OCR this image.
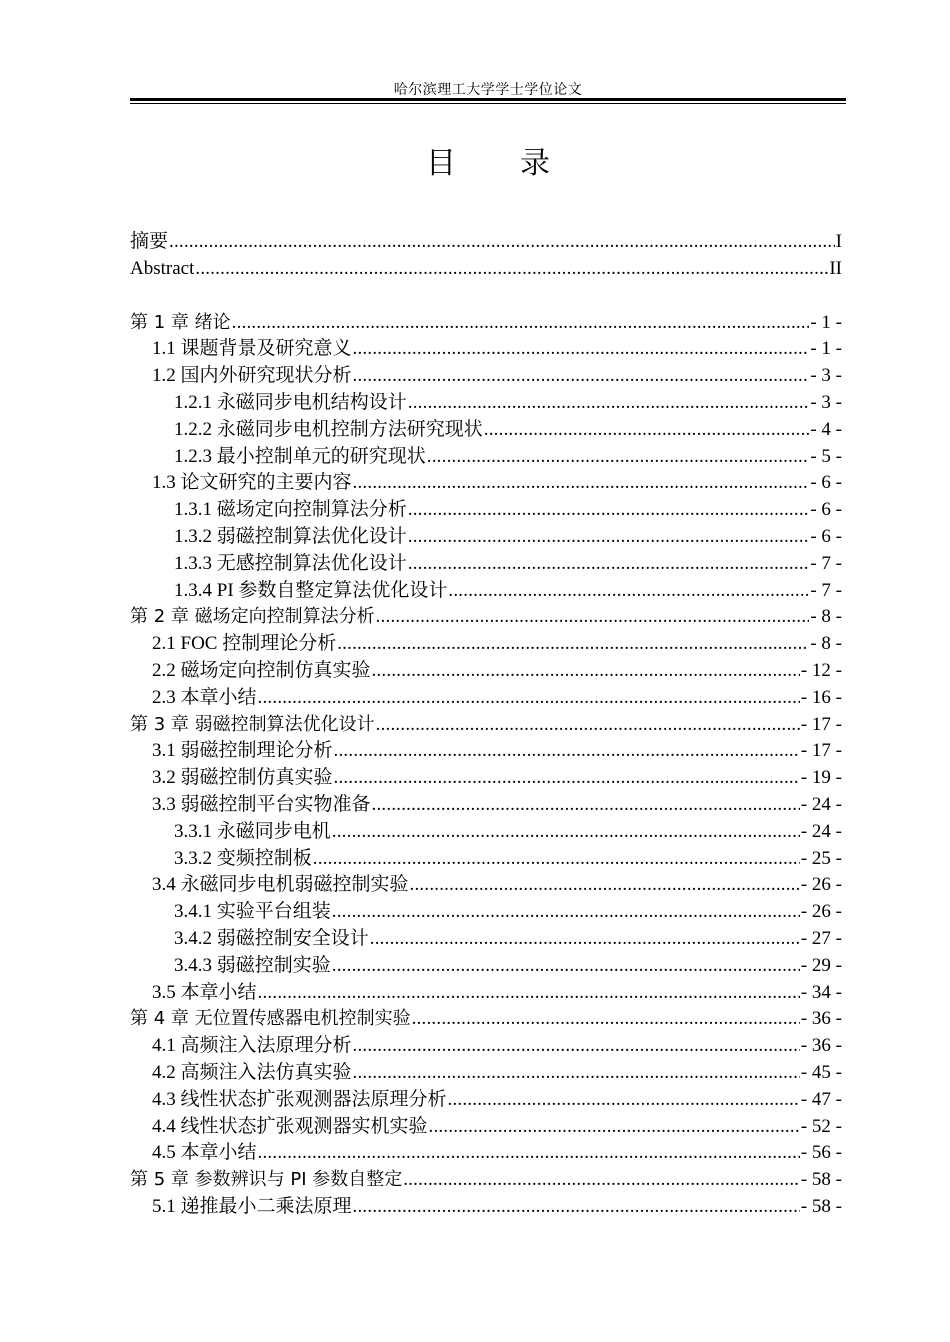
哈尔滨理工大学学士学位论文
目录
摘要 .....	I
Abstract .....	II
第 1 章 绪论 .....	- 1 -
1.1 课题背景及研究意义 .....	- 1 -
1.2 国内外研究现状分析 .....	- 3 -
1.2.1 永磁同步电机结构设计 .....	- 3 -
1.2.2 永磁同步电机控制方法研究现状 .....	- 4 -
1.2.3 最小控制单元的研究现状 .....	- 5 -
1.3 论文研究的主要内容 .....	- 6 -
1.3.1 磁场定向控制算法分析 .....	- 6 -
1.3.2 弱磁控制算法优化设计 .....	- 6 -
1.3.3 无感控制算法优化设计 .....	- 7 -
1.3.4 PI 参数自整定算法优化设计 .....	- 7 -
第 2 章 磁场定向控制算法分析 .....	- 8 -
2.1 FOC 控制理论分析 .....	- 8 -
2.2 磁场定向控制仿真实验 .....	- 12 -
2.3 本章小结 .....	- 16 -
第 3 章 弱磁控制算法优化设计 .....	- 17 -
3.1 弱磁控制理论分析 .....	- 17 -
3.2 弱磁控制仿真实验 .....	- 19 -
3.3 弱磁控制平台实物准备 .....	- 24 -
3.3.1 永磁同步电机 .....	- 24 -
3.3.2 变频控制板 .....	- 25 -
3.4 永磁同步电机弱磁控制实验 .....	- 26 -
3.4.1 实验平台组装 .....	- 26 -
3.4.2 弱磁控制安全设计 .....	- 27 -
3.4.3 弱磁控制实验 .....	- 29 -
3.5 本章小结 .....	- 34 -
第 4 章 无位置传感器电机控制实验 .....	- 36 -
4.1 高频注入法原理分析 .....	- 36 -
4.2 高频注入法仿真实验 .....	- 45 -
4.3 线性状态扩张观测器法原理分析 .....	- 47 -
4.4 线性状态扩张观测器实机实验 .....	- 52 -
4.5 本章小结 .....	- 56 -
第 5 章 参数辨识与 PI 参数自整定 .....	- 58 -
5.1 递推最小二乘法原理 .....	- 58 -
